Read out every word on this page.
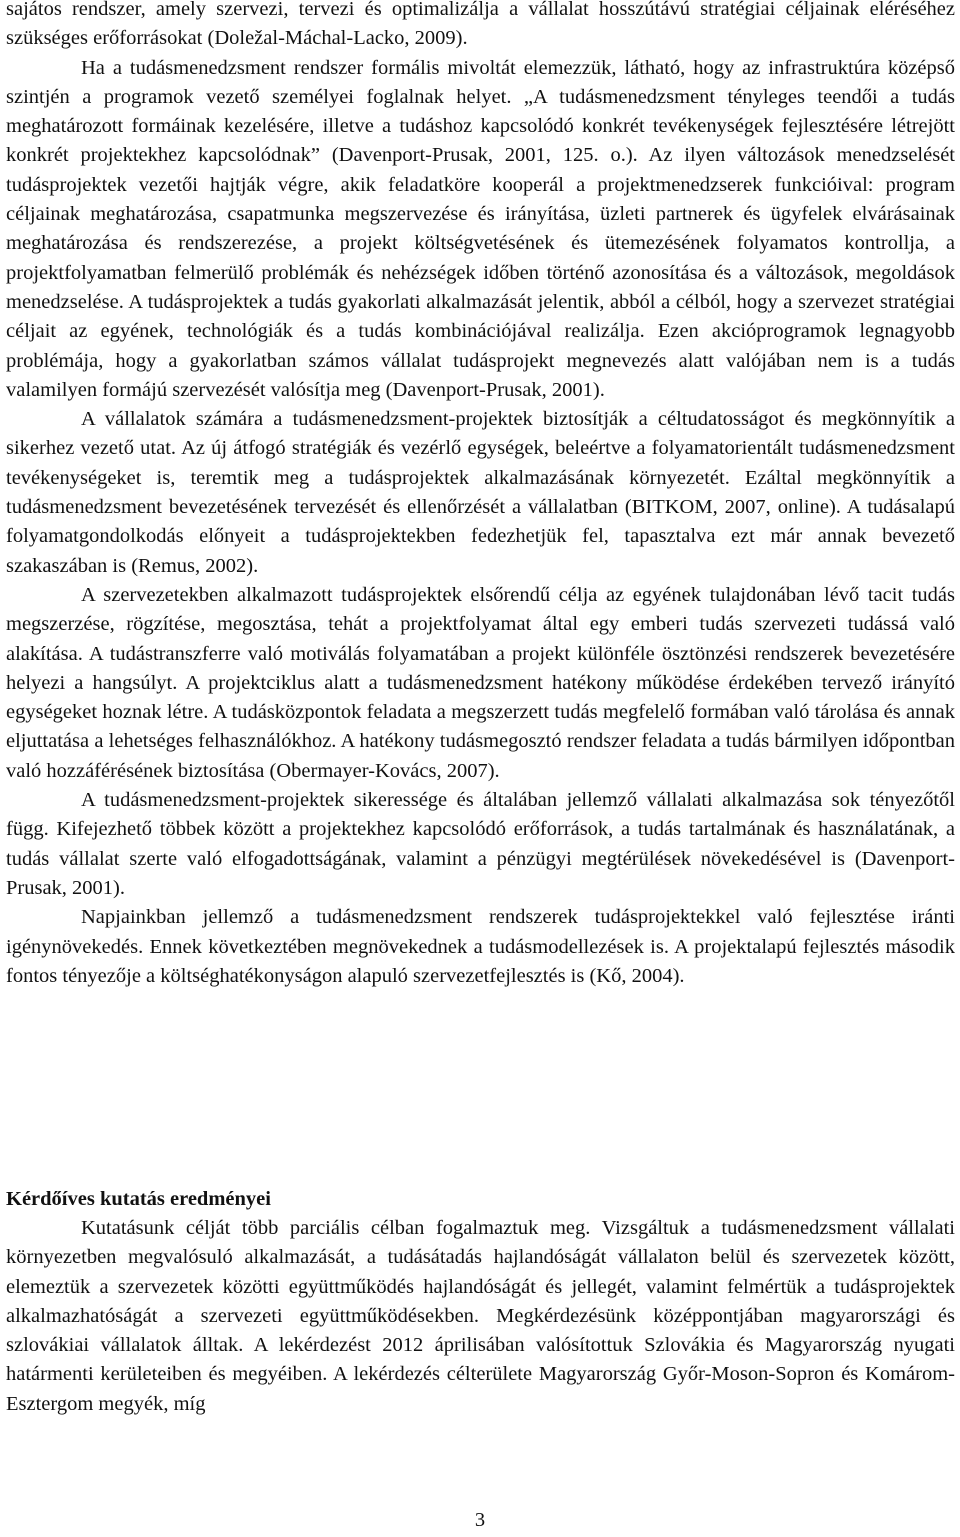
sajátos rendszer, amely szervezi, tervezi és optimalizálja a vállalat hosszútávú stratégiai céljainak eléréséhez szükséges erőforrásokat (Doležal-Máchal-Lacko, 2009).

Ha a tudásmenedzsment rendszer formális mivoltát elemezzük, látható, hogy az infrastruktúra középső szintjén a programok vezető személyei foglalnak helyet. „A tudásmenedzsment tényleges teendői a tudás meghatározott formáinak kezelésére, illetve a tudáshoz kapcsolódó konkrét tevékenységek fejlesztésére létrejött konkrét projektekhez kapcsolódnak” (Davenport-Prusak, 2001, 125. o.). Az ilyen változások menedzselését tudásprojektek vezetői hajtják végre, akik feladatköre kooperál a projektmenedzserek funkcióival: program céljainak meghatározása, csapatmunka megszervezése és irányítása, üzleti partnerek és ügyfelek elvárásainak meghatározása és rendszerezése, a projekt költségvetésének és ütemezésének folyamatos kontrollja, a projektfolyamatban felmerülő problémák és nehézségek időben történő azonosítása és a változások, megoldások menedzselése. A tudásprojektek a tudás gyakorlati alkalmazását jelentik, abból a célból, hogy a szervezet stratégiai céljait az egyének, technológiák és a tudás kombinációjával realizálja. Ezen akcióprogramok legnagyobb problémája, hogy a gyakorlatban számos vállalat tudásprojekt megnevezés alatt valójában nem is a tudás valamilyen formájú szervezését valósítja meg (Davenport-Prusak, 2001).

A vállalatok számára a tudásmenedzsment-projektek biztosítják a céltudatosságot és megkönnyítik a sikerhez vezető utat. Az új átfogó stratégiák és vezérlő egységek, beleértve a folyamatorientált tudásmenedzsment tevékenységeket is, teremtik meg a tudásprojektek alkalmazásának környezetét. Ezáltal megkönnyítik a tudásmenedzsment bevezetésének tervezését és ellenőrzését a vállalatban (BITKOM, 2007, online). A tudásalapú folyamatgondolkodás előnyeit a tudásprojektekben fedezhetjük fel, tapasztalva ezt már annak bevezető szakaszában is (Remus, 2002).

A szervezetekben alkalmazott tudásprojektek elsőrendű célja az egyének tulajdonában lévő tacit tudás megszerzése, rögzítése, megosztása, tehát a projektfolyamat által egy emberi tudás szervezeti tudássá való alakítása. A tudástranszferre való motiválás folyamatában a projekt különféle ösztönzési rendszerek bevezetésére helyezi a hangsúlyt. A projektciklus alatt a tudásmenedzsment hatékony működése érdekében tervező irányító egységeket hoznak létre. A tudásközpontok feladata a megszerzett tudás megfelelő formában való tárolása és annak eljuttatása a lehetséges felhasználókhoz. A hatékony tudásmegosztó rendszer feladata a tudás bármilyen időpontban való hozzáférésének biztosítása (Obermayer-Kovács, 2007).

A tudásmenedzsment-projektek sikeressége és általában jellemző vállalati alkalmazása sok tényezőtől függ. Kifejezhető többek között a projektekhez kapcsolódó erőforrások, a tudás tartalmának és használatának, a tudás vállalat szerte való elfogadottságának, valamint a pénzügyi megtérülések növekedésével is (Davenport-Prusak, 2001).

Napjainkban jellemző a tudásmenedzsment rendszerek tudásprojektekkel való fejlesztése iránti igénynövekedés. Ennek következtében megnövekednek a tudásmodellezések is. A projektalapú fejlesztés második fontos tényezője a költséghatékonyságon alapuló szervezetfejlesztés is (Kő, 2004).

Kérdőíves kutatás eredményei

Kutatásunk célját több parciális célban fogalmaztuk meg. Vizsgáltuk a tudásmenedzsment vállalati környezetben megvalósuló alkalmazását, a tudásátadás hajlandóságát vállalaton belül és szervezetek között, elemeztük a szervezetek közötti együttműködés hajlandóságát és jellegét, valamint felmértük a tudásprojektek alkalmazhatóságát a szervezeti együttműködésekben. Megkérdezésünk középpontjában magyarországi és szlovákiai vállalatok álltak. A lekérdezést 2012 áprilisában valósítottuk Szlovákia és Magyarország nyugati határmenti kerületeiben és megyéiben. A lekérdezés célterülete Magyarország Győr-Moson-Sopron és Komárom-Esztergom megyék, míg

3
